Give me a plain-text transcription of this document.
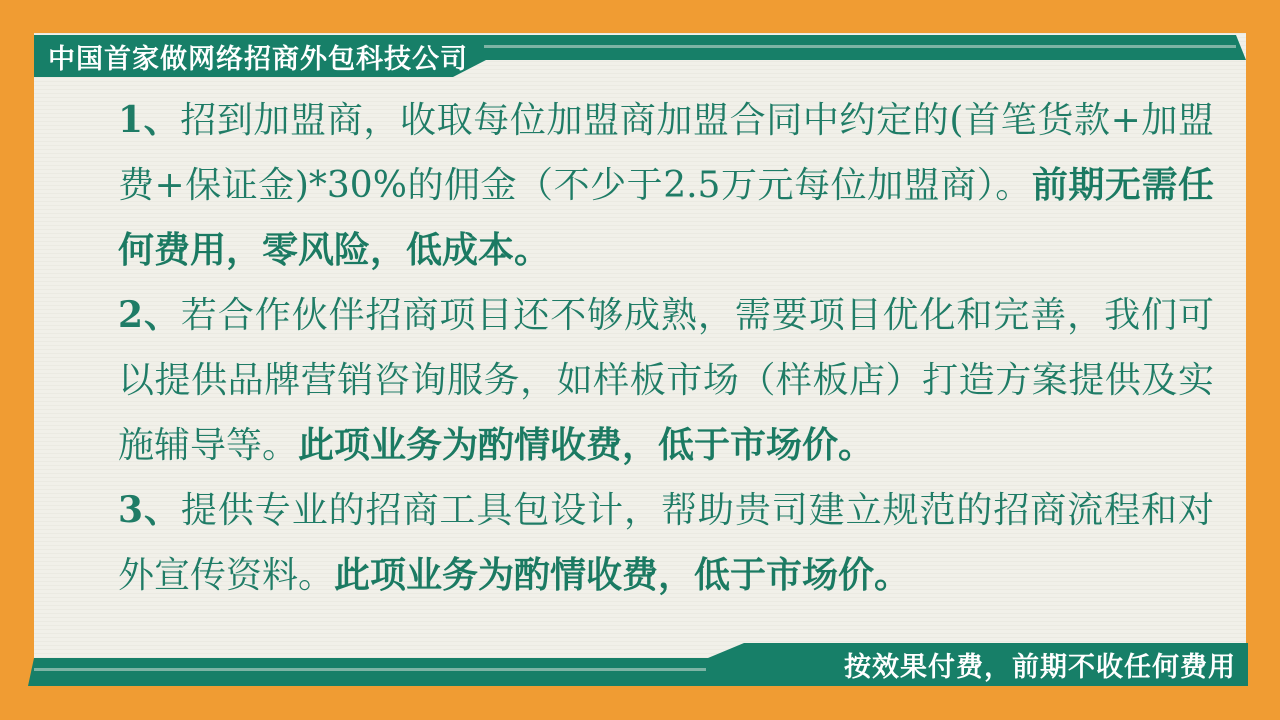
中国首家做网络招商外包科技公司

1、招到加盟商，收取每位加盟商加盟合同中约定的(首笔货款+加盟费+保证金)*30%的佣金（不少于2.5万元每位加盟商）。前期无需任何费用，零风险，低成本。

2、若合作伙伴招商项目还不够成熟，需要项目优化和完善，我们可以提供品牌营销咨询服务，如样板市场（样板店）打造方案提供及实施辅导等。此项业务为酌情收费，低于市场价。

3、提供专业的招商工具包设计，帮助贵司建立规范的招商流程和对外宣传资料。此项业务为酌情收费，低于市场价。

按效果付费，前期不收任何费用
